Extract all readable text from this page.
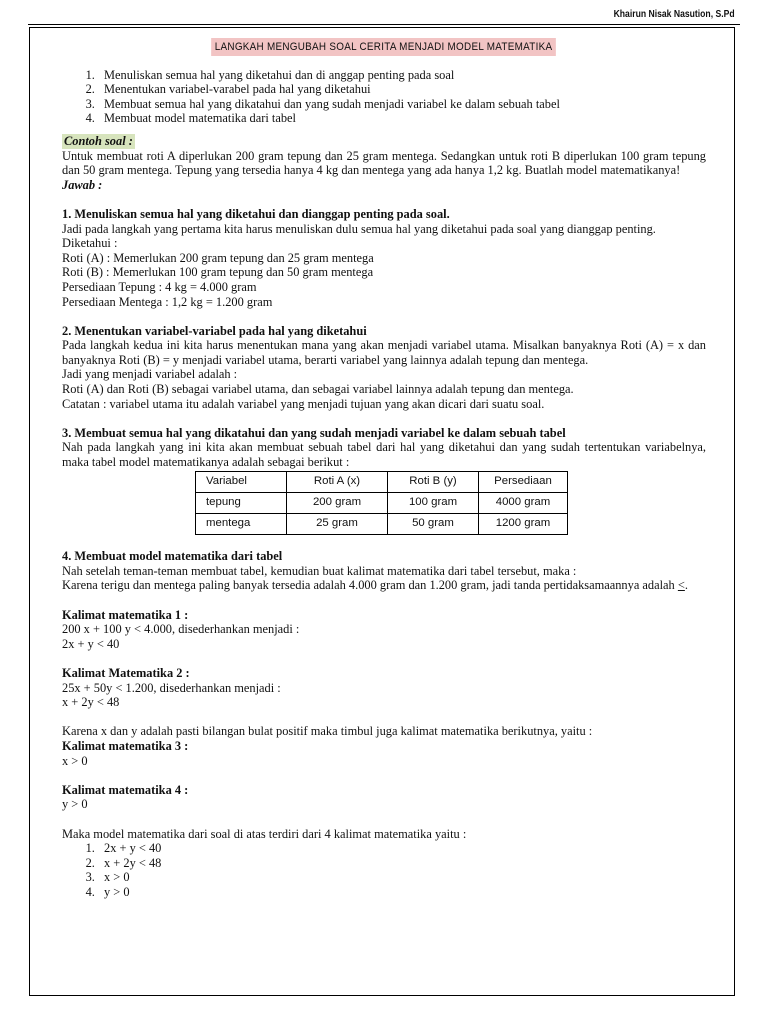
Khairun Nisak Nasution, S.Pd
LANGKAH MENGUBAH SOAL CERITA MENJADI MODEL MATEMATIKA
1. Menuliskan semua hal yang diketahui dan di anggap penting pada soal
2. Menentukan variabel-varabel pada hal yang diketahui
3. Membuat semua hal yang dikatahui dan yang sudah menjadi variabel ke dalam sebuah tabel
4. Membuat model matematika dari tabel
Contoh soal :

Untuk membuat roti A diperlukan 200 gram tepung dan 25 gram mentega. Sedangkan untuk roti B diperlukan 100 gram tepung dan 50 gram mentega. Tepung yang tersedia hanya 4 kg dan mentega yang ada hanya 1,2 kg. Buatlah model matematikanya!

Jawab :

1. Menuliskan semua hal yang diketahui dan dianggap penting pada soal.

Jadi pada langkah yang pertama kita harus menuliskan dulu semua hal yang diketahui pada soal yang dianggap penting.

Diketahui :

Roti (A) : Memerlukan 200 gram tepung dan 25 gram mentega

Roti (B) : Memerlukan 100 gram tepung dan 50 gram mentega

Persediaan Tepung : 4 kg = 4.000 gram

Persediaan Mentega : 1,2 kg = 1.200 gram

2. Menentukan variabel-variabel pada hal yang diketahui

Pada langkah kedua ini kita harus menentukan mana yang akan menjadi variabel utama. Misalkan banyaknya Roti (A) = x dan banyaknya Roti (B) = y menjadi variabel utama, berarti variabel yang lainnya adalah tepung dan mentega.

Jadi yang menjadi variabel adalah :

Roti (A) dan Roti (B) sebagai variabel utama, dan sebagai variabel lainnya adalah tepung dan mentega.

Catatan : variabel utama itu adalah variabel yang menjadi tujuan yang akan dicari dari suatu soal.

3. Membuat semua hal yang dikatahui dan yang sudah menjadi variabel ke dalam sebuah tabel

Nah pada langkah yang ini kita akan membuat sebuah tabel dari hal yang diketahui dan yang sudah tertentukan variabelnya, maka tabel model matematikanya adalah sebagai berikut :

Variabel	Roti A (x)	Roti B (y)	Persediaan
tepung	200 gram	100 gram	4000 gram
mentega	25 gram	50 gram	1200 gram

4. Membuat model matematika dari tabel

Nah setelah teman-teman membuat tabel, kemudian buat kalimat matematika dari tabel tersebut, maka :

Karena terigu dan mentega paling banyak tersedia adalah 4.000 gram dan 1.200 gram, jadi tanda pertidaksamaannya adalah <.

Kalimat matematika 1 :

200 x + 100 y < 4.000, disederhankan menjadi :

2x + y < 40

Kalimat Matematika 2 :

25x + 50y < 1.200, disederhankan menjadi :

x + 2y < 48

Karena x dan y adalah pasti bilangan bulat positif maka timbul juga kalimat matematika berikutnya, yaitu :

Kalimat matematika 3 :

x > 0

Kalimat matematika 4 :

y > 0

Maka model matematika dari soal di atas terdiri dari 4 kalimat matematika yaitu :

1. 2x + y < 40
2. x + 2y < 48
3. x > 0
4. y > 0
